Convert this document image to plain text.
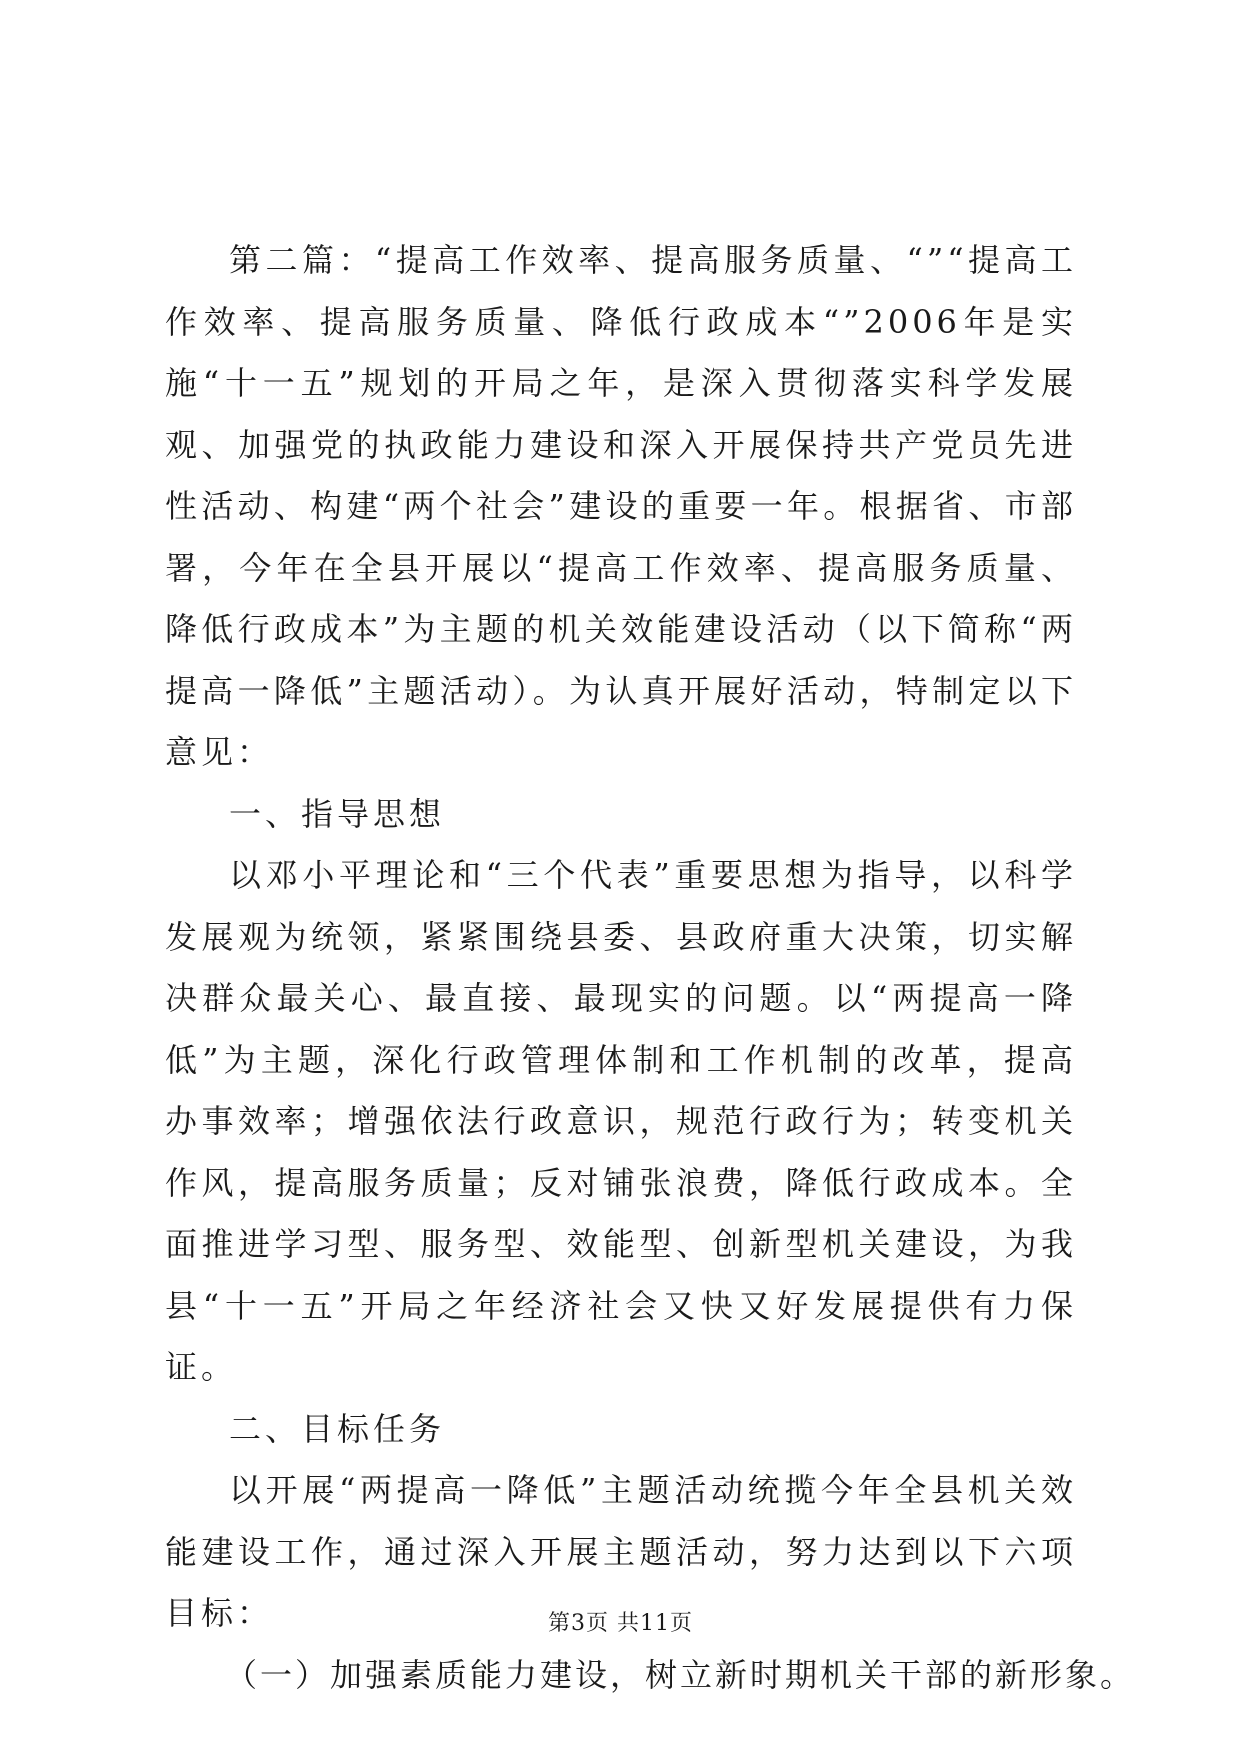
第二篇：“提高工作效率、提高服务质量、“”“提高工作效率、提高服务质量、降低行政成本“”2006年是实施“十一五”规划的开局之年，是深入贯彻落实科学发展观、加强党的执政能力建设和深入开展保持共产党员先进性活动、构建“两个社会”建设的重要一年。根据省、市部署，今年在全县开展以“提高工作效率、提高服务质量、降低行政成本”为主题的机关效能建设活动（以下简称“两提高一降低”主题活动）。为认真开展好活动，特制定以下意见：

一、指导思想

以邓小平理论和“三个代表”重要思想为指导，以科学发展观为统领，紧紧围绕县委、县政府重大决策，切实解决群众最关心、最直接、最现实的问题。以“两提高一降低”为主题，深化行政管理体制和工作机制的改革，提高办事效率；增强依法行政意识，规范行政行为；转变机关作风，提高服务质量；反对铺张浪费，降低行政成本。全面推进学习型、服务型、效能型、创新型机关建设，为我县“十一五”开局之年经济社会又快又好发展提供有力保证。

二、目标任务

以开展“两提高一降低”主题活动统揽今年全县机关效能建设工作，通过深入开展主题活动，努力达到以下六项目标：

（一）加强素质能力建设，树立新时期机关干部的新形象。

第3页 共11页
